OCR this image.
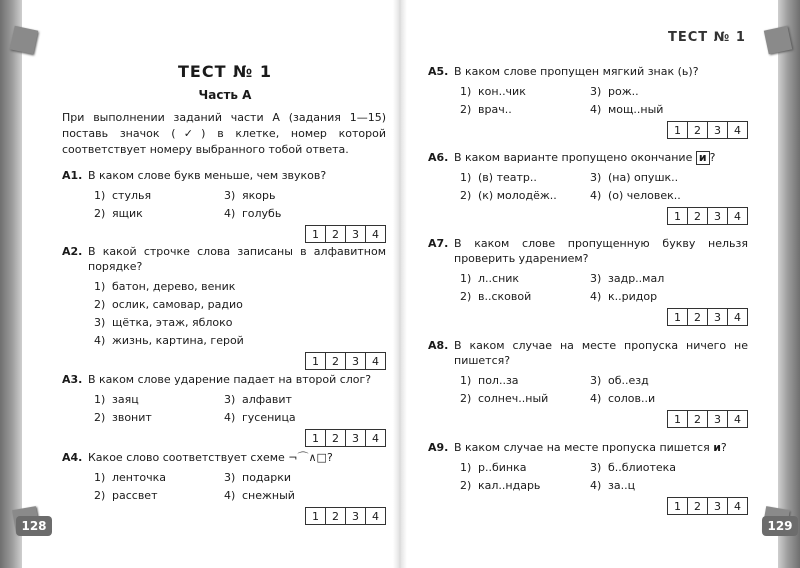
128	129
ТЕСТ № 1
ТЕСТ № 1
Часть А
При выполнении заданий части А (задания 1—15) поставь значок (✓) в клетке, номер которой соответствует номеру выбранного тобой ответа.
А1. В каком слове букв меньше, чем звуков?
1) стулья	3) якорь
2) ящик	4) голубь
1	2	3	4
А2. В какой строчке слова записаны в алфавитном порядке?
1) батон, дерево, веник
2) ослик, самовар, радио
3) щётка, этаж, яблоко
4) жизнь, картина, герой
1	2	3	4
А3. В каком слове ударение падает на второй слог?
1) заяц	3) алфавит
2) звонит	4) гусеница
1	2	3	4
А4. Какое слово соответствует схеме ¬⌒∧□?
1) ленточка	3) подарки
2) рассвет	4) снежный
1	2	3	4
А5. В каком слове пропущен мягкий знак (ь)?
1) кон..чик	3) рож..
2) врач..	4) мощ..ный
1	2	3	4
А6. В каком варианте пропущено окончание и ?
1) (в) театр..	3) (на) опушк..
2) (к) молодёж..	4) (о) человек..
1	2	3	4
А7. В каком слове пропущенную букву нельзя проверить ударением?
1) л..сник	3) задр..мал
2) в..сковой	4) к..ридор
1	2	3	4
А8. В каком случае на месте пропуска ничего не пишется?
1) пол..за	3) об..езд
2) солнеч..ный	4) солов..и
1	2	3	4
А9. В каком случае на месте пропуска пишется и?
1) р..бинка	3) б..блиотека
2) кал..ндарь	4) за..ц
1	2	3	4
